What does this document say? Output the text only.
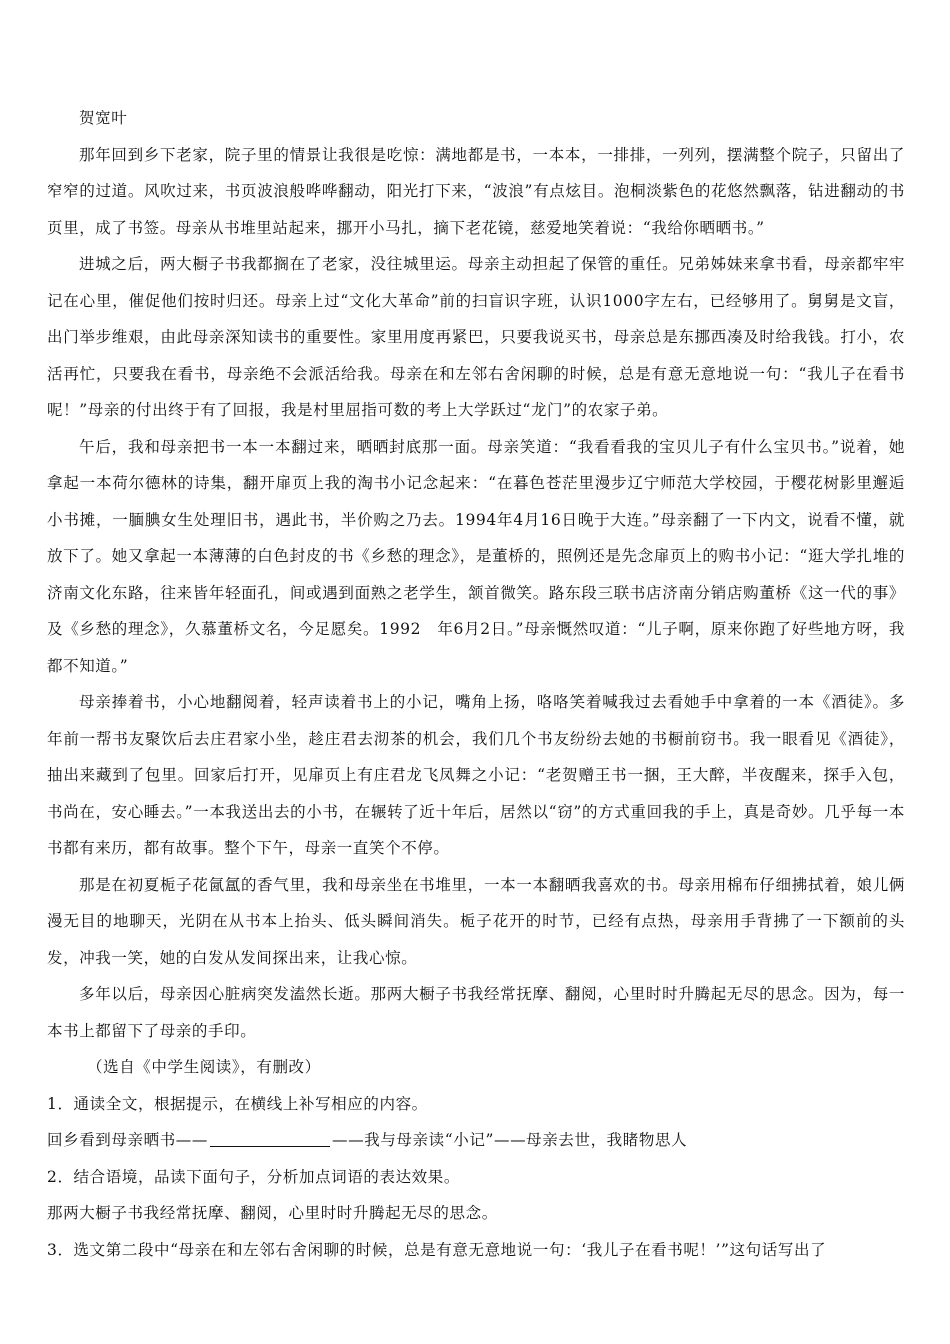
贺宽叶

那年回到乡下老家，院子里的情景让我很是吃惊：满地都是书，一本本，一排排，一列列，摆满整个院子，只留出了窄窄的过道。风吹过来，书页波浪般哗哗翻动，阳光打下来，“波浪”有点炫目。泡桐淡紫色的花悠然飘落，钻进翻动的书页里，成了书签。母亲从书堆里站起来，挪开小马扎，摘下老花镜，慈爱地笑着说：“我给你晒晒书。”

进城之后，两大橱子书我都搁在了老家，没往城里运。母亲主动担起了保管的重任。兄弟姊妹来拿书看，母亲都牢牢记在心里，催促他们按时归还。母亲上过“文化大革命”前的扫盲识字班，认识1000字左右，已经够用了。舅舅是文盲，出门举步维艰，由此母亲深知读书的重要性。家里用度再紧巴，只要我说买书，母亲总是东挪西凑及时给我钱。打小，农活再忙，只要我在看书，母亲绝不会派活给我。母亲在和左邻右舍闲聊的时候，总是有意无意地说一句：“我儿子在看书呢！”母亲的付出终于有了回报，我是村里屈指可数的考上大学跃过“龙门”的农家子弟。

午后，我和母亲把书一本一本翻过来，晒晒封底那一面。母亲笑道：“我看看我的宝贝儿子有什么宝贝书。”说着，她拿起一本荷尔德林的诗集，翻开扉页上我的淘书小记念起来：“在暮色苍茫里漫步辽宁师范大学校园，于樱花树影里邂逅小书摊，一腼腆女生处理旧书，遇此书，半价购之乃去。1994年4月16日晚于大连。”母亲翻了一下内文，说看不懂，就放下了。她又拿起一本薄薄的白色封皮的书《乡愁的理念》，是董桥的，照例还是先念扉页上的购书小记：“逛大学扎堆的济南文化东路，往来皆年轻面孔，间或遇到面熟之老学生，颔首微笑。路东段三联书店济南分销店购董桥《这一代的事》及《乡愁的理念》，久慕董桥文名，今足愿矣。1992　年6月2日。”母亲慨然叹道：“儿子啊，原来你跑了好些地方呀，我都不知道。”

母亲捧着书，小心地翻阅着，轻声读着书上的小记，嘴角上扬，咯咯笑着喊我过去看她手中拿着的一本《酒徒》。多年前一帮书友聚饮后去庄君家小坐，趁庄君去沏茶的机会，我们几个书友纷纷去她的书橱前窃书。我一眼看见《酒徒》，抽出来藏到了包里。回家后打开，见扉页上有庄君龙飞凤舞之小记：“老贺赠王书一捆，王大醉，半夜醒来，探手入包，书尚在，安心睡去。”一本我送出去的小书，在辗转了近十年后，居然以“窃”的方式重回我的手上，真是奇妙。几乎每一本书都有来历，都有故事。整个下午，母亲一直笑个不停。

那是在初夏栀子花氤氲的香气里，我和母亲坐在书堆里，一本一本翻晒我喜欢的书。母亲用棉布仔细拂拭着，娘儿俩漫无目的地聊天，光阴在从书本上抬头、低头瞬间消失。栀子花开的时节，已经有点热，母亲用手背拂了一下额前的头发，冲我一笑，她的白发从发间探出来，让我心惊。

多年以后，母亲因心脏病突发溘然长逝。那两大橱子书我经常抚摩、翻阅，心里时时升腾起无尽的思念。因为，每一本书上都留下了母亲的手印。

（选自《中学生阅读》，有删改）

1．通读全文，根据提示，在横线上补写相应的内容。

回乡看到母亲晒书——	——我与母亲读“小记”——母亲去世，我睹物思人

2．结合语境，品读下面句子，分析加点词语的表达效果。

那两大橱子书我经常抚摩、翻阅，心里时时升腾起无尽的思念。

3．选文第二段中“母亲在和左邻右舍闲聊的时候，总是有意无意地说一句：‘我儿子在看书呢！’”这句话写出了
